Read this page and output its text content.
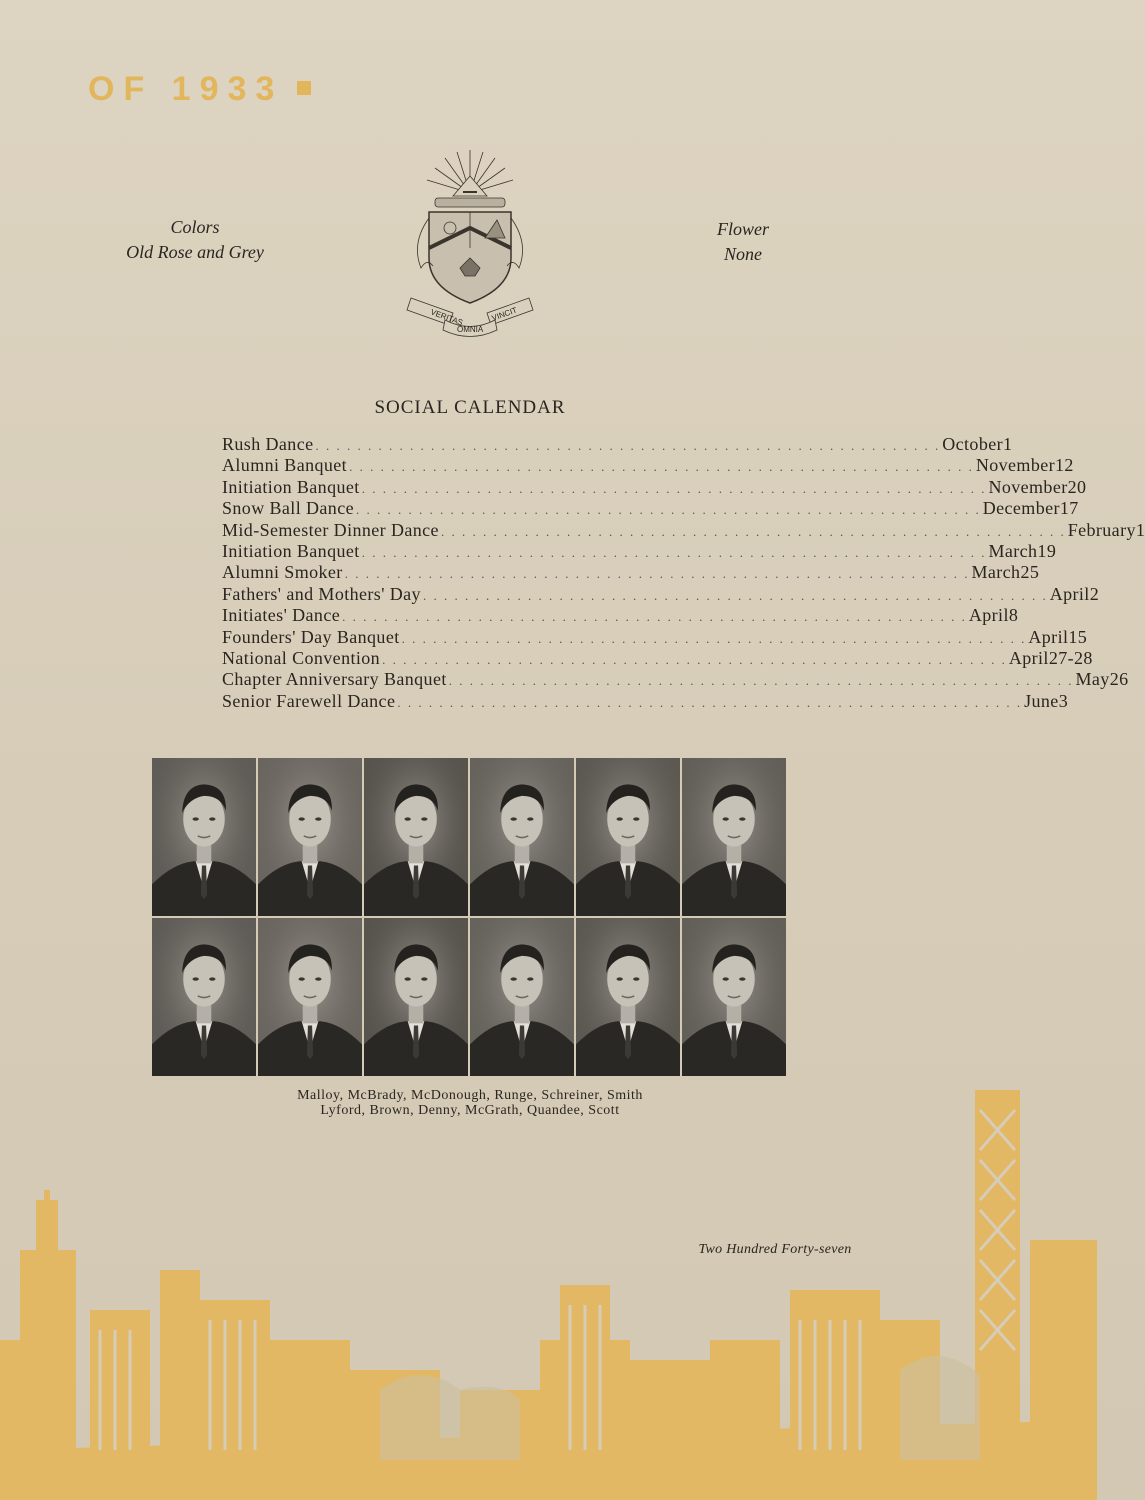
OF 1933
Colors
Old Rose and Grey
VERITAS	VINCIT
OMNIA
Flower
None
SOCIAL CALENDAR
Rush Dance . . . . . . . . . . . . . . . . . . . . . . . . . . . . . . . . . . . . . . . . . . . . . . . . . . . . . . . . . . . . October 1
Alumni Banquet . . . . . . . . . . . . . . . . . . . . . . . . . . . . . . . . . . . . . . . . . . . . . . . . . . . . . . . . . . . . November 12
Initiation Banquet . . . . . . . . . . . . . . . . . . . . . . . . . . . . . . . . . . . . . . . . . . . . . . . . . . . . . . . . . . . . November 20
Snow Ball Dance . . . . . . . . . . . . . . . . . . . . . . . . . . . . . . . . . . . . . . . . . . . . . . . . . . . . . . . . . . . . December 17
Mid-Semester Dinner Dance . . . . . . . . . . . . . . . . . . . . . . . . . . . . . . . . . . . . . . . . . . . . . . . . . . . . . . . . . . . . February 1
Initiation Banquet . . . . . . . . . . . . . . . . . . . . . . . . . . . . . . . . . . . . . . . . . . . . . . . . . . . . . . . . . . . . March 19
Alumni Smoker . . . . . . . . . . . . . . . . . . . . . . . . . . . . . . . . . . . . . . . . . . . . . . . . . . . . . . . . . . . . March 25
Fathers' and Mothers' Day . . . . . . . . . . . . . . . . . . . . . . . . . . . . . . . . . . . . . . . . . . . . . . . . . . . . . . . . . . . . April 2
Initiates' Dance . . . . . . . . . . . . . . . . . . . . . . . . . . . . . . . . . . . . . . . . . . . . . . . . . . . . . . . . . . . . April 8
Founders' Day Banquet . . . . . . . . . . . . . . . . . . . . . . . . . . . . . . . . . . . . . . . . . . . . . . . . . . . . . . . . . . . . April 15
National Convention . . . . . . . . . . . . . . . . . . . . . . . . . . . . . . . . . . . . . . . . . . . . . . . . . . . . . . . . . . . . April 27-28
Chapter Anniversary Banquet . . . . . . . . . . . . . . . . . . . . . . . . . . . . . . . . . . . . . . . . . . . . . . . . . . . . . . . . . . . . May 26
Senior Farewell Dance . . . . . . . . . . . . . . . . . . . . . . . . . . . . . . . . . . . . . . . . . . . . . . . . . . . . . . . . . . . . June 3
Malloy, McBrady, McDonough, Runge, Schreiner, Smith
Lyford, Brown, Denny, McGrath, Quandee, Scott
Two Hundred Forty-seven
